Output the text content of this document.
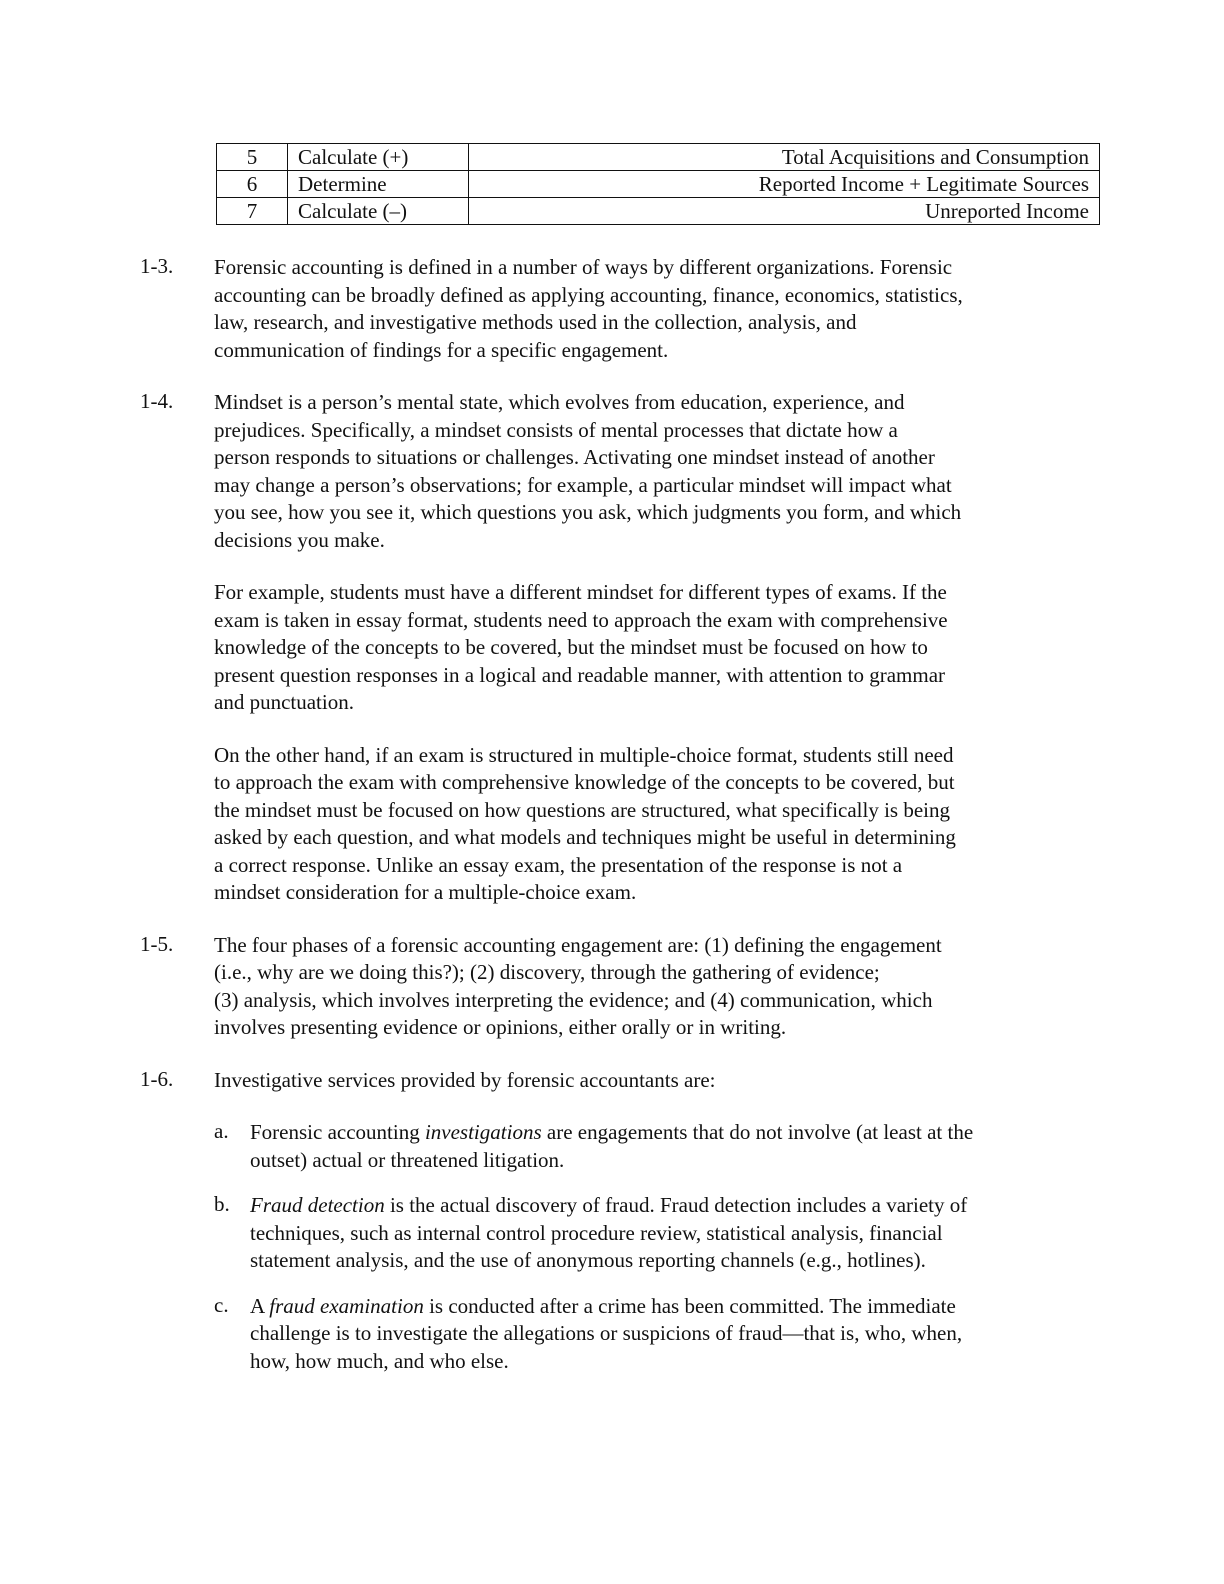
5	Calculate (+)	Total Acquisitions and Consumption
6	Determine	Reported Income + Legitimate Sources
7	Calculate (–)	Unreported Income
1-3. Forensic accounting is defined in a number of ways by different organizations. Forensic
accounting can be broadly defined as applying accounting, finance, economics, statistics,
law, research, and investigative methods used in the collection, analysis, and
communication of findings for a specific engagement.
1-4. Mindset is a person’s mental state, which evolves from education, experience, and
prejudices. Specifically, a mindset consists of mental processes that dictate how a
person responds to situations or challenges. Activating one mindset instead of another
may change a person’s observations; for example, a particular mindset will impact what
you see, how you see it, which questions you ask, which judgments you form, and which
decisions you make.
For example, students must have a different mindset for different types of exams. If the
exam is taken in essay format, students need to approach the exam with comprehensive
knowledge of the concepts to be covered, but the mindset must be focused on how to
present question responses in a logical and readable manner, with attention to grammar
and punctuation.
On the other hand, if an exam is structured in multiple-choice format, students still need
to approach the exam with comprehensive knowledge of the concepts to be covered, but
the mindset must be focused on how questions are structured, what specifically is being
asked by each question, and what models and techniques might be useful in determining
a correct response. Unlike an essay exam, the presentation of the response is not a
mindset consideration for a multiple-choice exam.
1-5. The four phases of a forensic accounting engagement are: (1) defining the engagement
(i.e., why are we doing this?); (2) discovery, through the gathering of evidence;
(3) analysis, which involves interpreting the evidence; and (4) communication, which
involves presenting evidence or opinions, either orally or in writing.
1-6. Investigative services provided by forensic accountants are:
a. Forensic accounting investigations are engagements that do not involve (at least at the
outset) actual or threatened litigation.
b. Fraud detection is the actual discovery of fraud. Fraud detection includes a variety of
techniques, such as internal control procedure review, statistical analysis, financial
statement analysis, and the use of anonymous reporting channels (e.g., hotlines).
c. A fraud examination is conducted after a crime has been committed. The immediate
challenge is to investigate the allegations or suspicions of fraud—that is, who, when,
how, how much, and who else.
